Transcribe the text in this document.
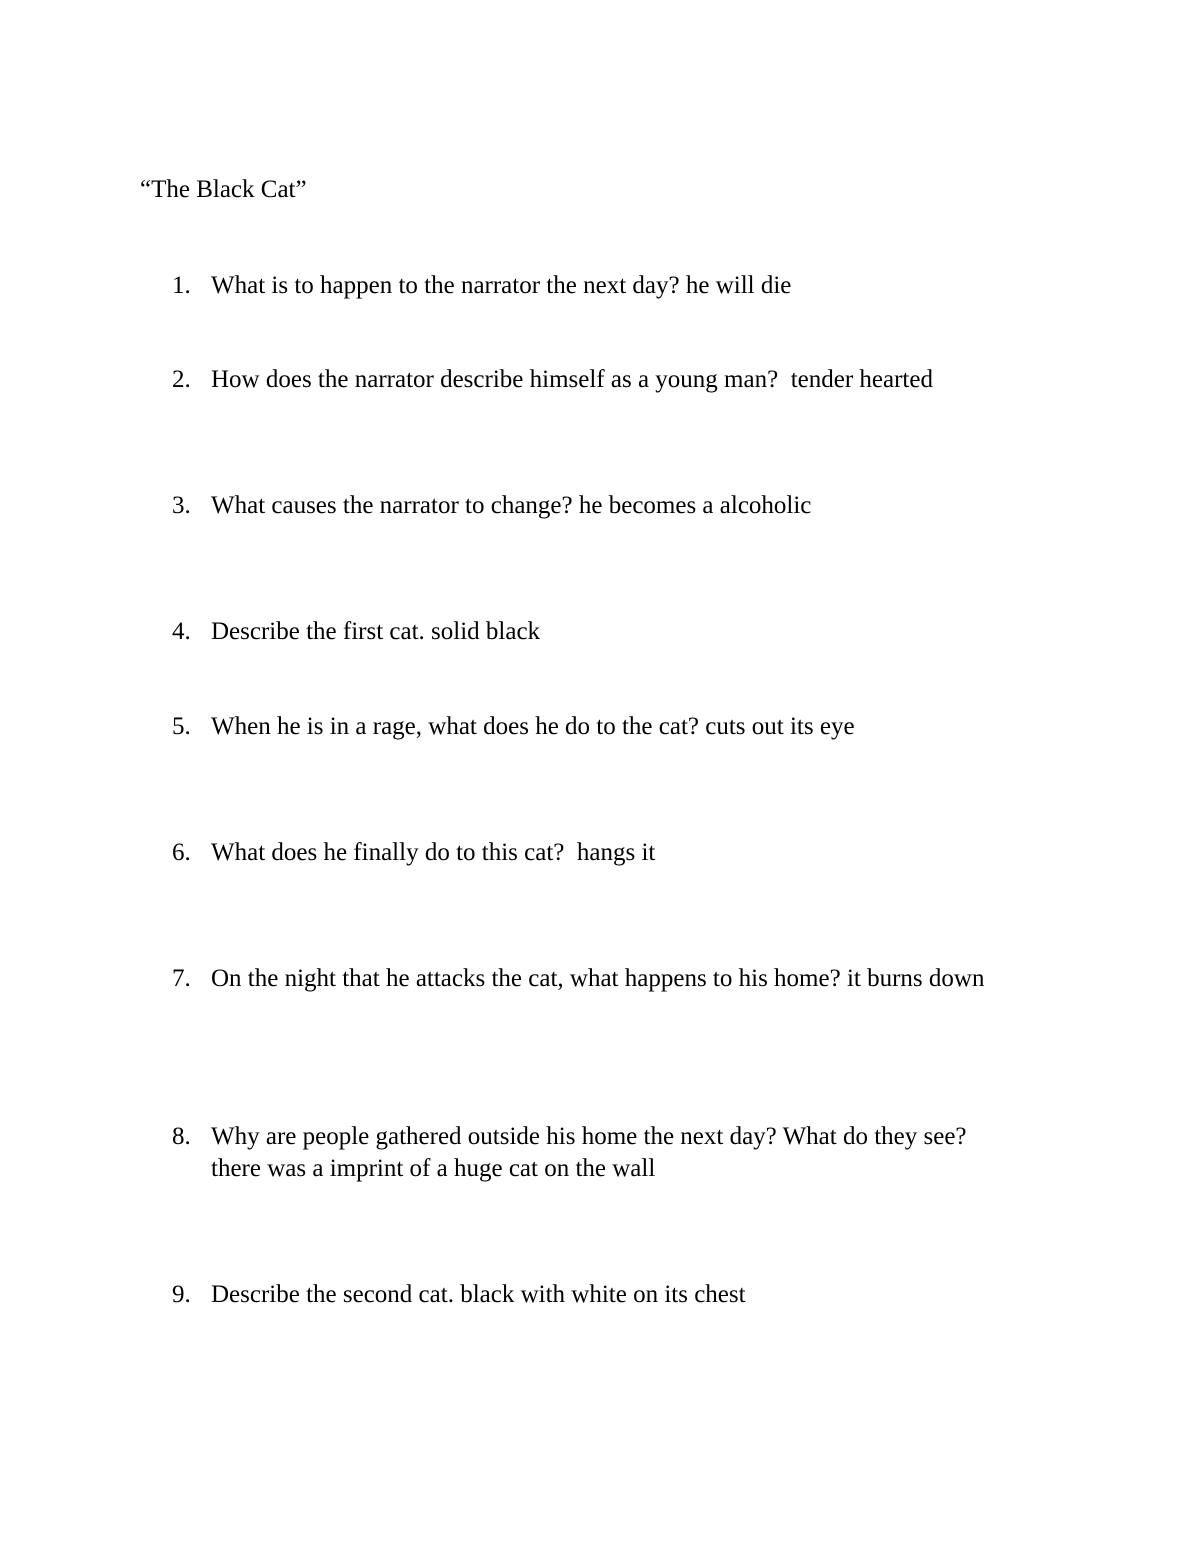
“The Black Cat”
1. What is to happen to the narrator the next day? he will die
2. How does the narrator describe himself as a young man?  tender hearted
3. What causes the narrator to change? he becomes a alcoholic
4. Describe the first cat. solid black
5. When he is in a rage, what does he do to the cat? cuts out its eye
6. What does he finally do to this cat?  hangs it
7. On the night that he attacks the cat, what happens to his home? it burns down
8. Why are people gathered outside his home the next day? What do they see?
there was a imprint of a huge cat on the wall
9. Describe the second cat. black with white on its chest
